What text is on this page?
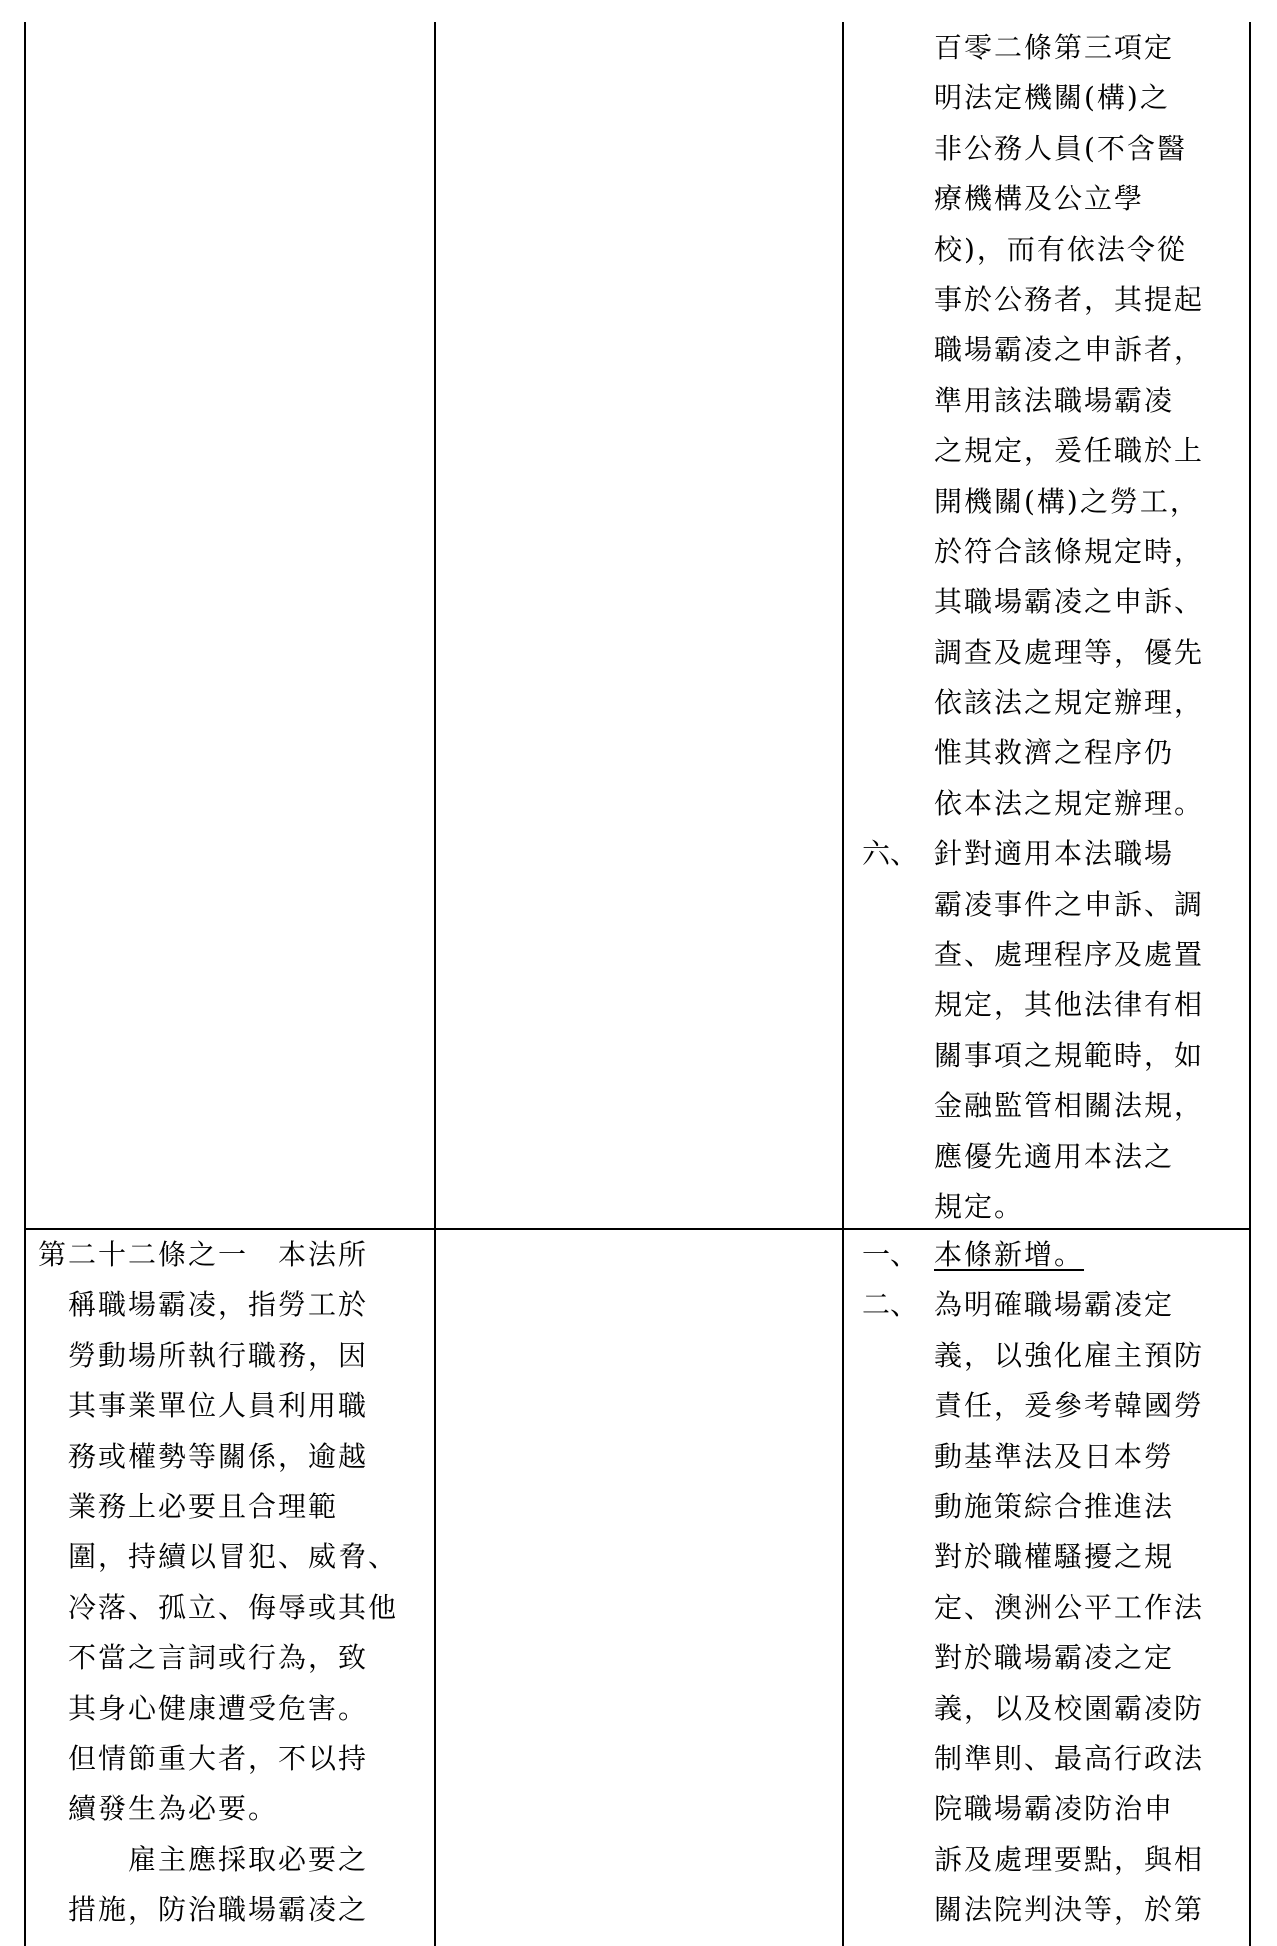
百零二條第三項定
明法定機關(構)之
非公務人員(不含醫
療機構及公立學
校)，而有依法令從
事於公務者，其提起
職場霸凌之申訴者，
準用該法職場霸凌
之規定，爰任職於上
開機關(構)之勞工，
於符合該條規定時，
其職場霸凌之申訴、
調查及處理等，優先
依該法之規定辦理，
惟其救濟之程序仍
依本法之規定辦理。
六、 針對適用本法職場
霸凌事件之申訴、調
查、處理程序及處置
規定，其他法律有相
關事項之規範時，如
金融監管相關法規，
應優先適用本法之
規定。
第二十二條之一　本法所
稱職場霸凌，指勞工於
勞動場所執行職務，因
其事業單位人員利用職
務或權勢等關係，逾越
業務上必要且合理範
圍，持續以冒犯、威脅、
冷落、孤立、侮辱或其他
不當之言詞或行為，致
其身心健康遭受危害。
但情節重大者，不以持
續發生為必要。
雇主應採取必要之
措施，防治職場霸凌之
一、 本條新增。
二、 為明確職場霸凌定
義，以強化雇主預防
責任，爰參考韓國勞
動基準法及日本勞
動施策綜合推進法
對於職權騷擾之規
定、澳洲公平工作法
對於職場霸凌之定
義，以及校園霸凌防
制準則、最高行政法
院職場霸凌防治申
訴及處理要點，與相
關法院判決等，於第
